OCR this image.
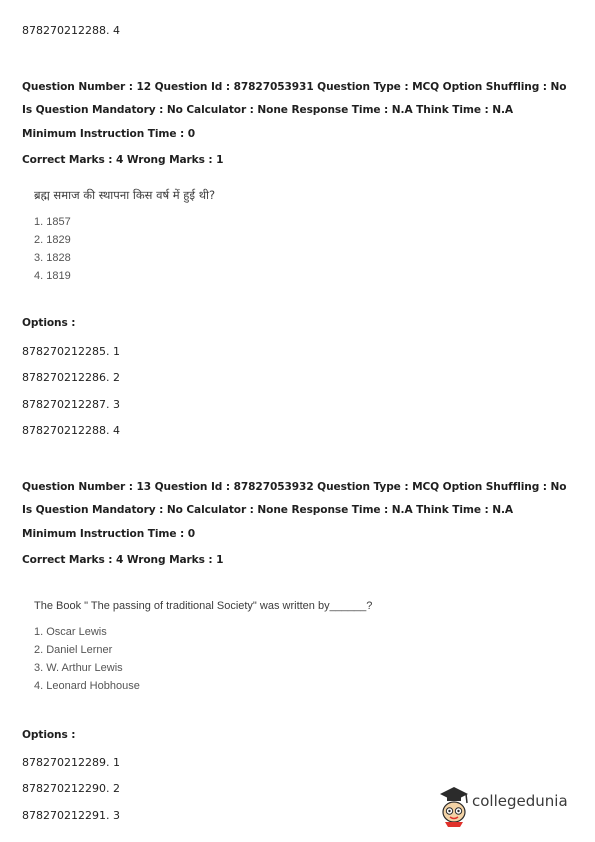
878270212288. 4
Question Number : 12 Question Id : 87827053931 Question Type : MCQ Option Shuffling : No
Is Question Mandatory : No Calculator : None Response Time : N.A Think Time : N.A
Minimum Instruction Time : 0
Correct Marks : 4 Wrong Marks : 1
ब्रह्म समाज की स्थापना किस वर्ष में हुई थी?
1. 1857
2. 1829
3. 1828
4. 1819
Options :
878270212285. 1
878270212286. 2
878270212287. 3
878270212288. 4
Question Number : 13 Question Id : 87827053932 Question Type : MCQ Option Shuffling : No
Is Question Mandatory : No Calculator : None Response Time : N.A Think Time : N.A
Minimum Instruction Time : 0
Correct Marks : 4 Wrong Marks : 1
The Book " The passing of traditional Society" was written by______?
1. Oscar Lewis
2. Daniel Lerner
3. W. Arthur Lewis
4. Leonard Hobhouse
Options :
878270212289. 1
878270212290. 2
878270212291. 3
collegedunia
